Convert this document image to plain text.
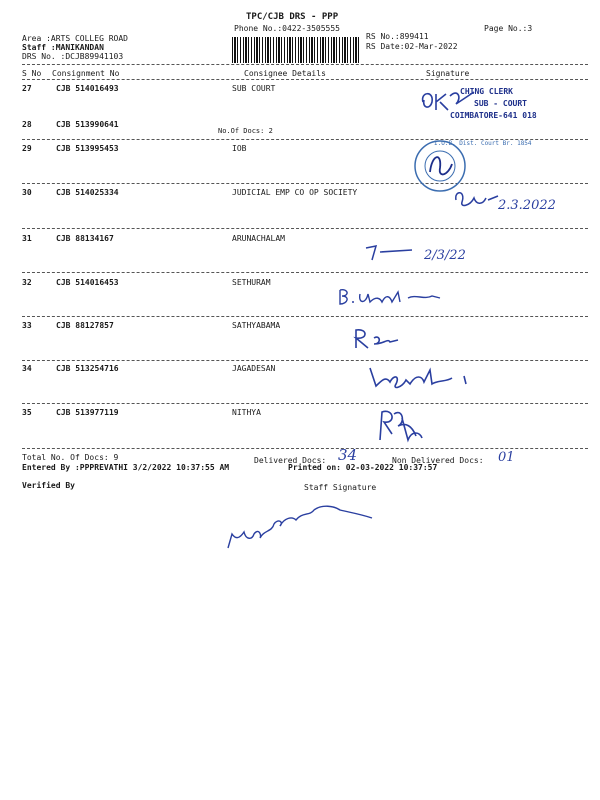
TPC/CJB DRS - PPP
Phone No.:0422-3505555	Page No.:3
Area :ARTS COLLEG ROAD
Staff :MANIKANDAN
DRS No. :DCJB89941103
RS No.:899411
RS Date:02-Mar-2022
S No Consignment No	Consignee Details	Signature
27	CJB 514016493	SUB COURT
28	CJB 513990641
No.Of Docs: 2
29	CJB 513995453	IOB
30	CJB 514025334	JUDICIAL EMP CO OP SOCIETY
31	CJB 88134167	ARUNACHALAM
32	CJB 514016453	SETHURAM
33	CJB 88127857	SATHYABAMA
34	CJB 513254716	JAGADESAN
35	CJB 513977119	NITHYA
CHING CLERK
SUB - COURT
COIMBATORE-641 018
I.O.B. Dist. Court Br. 1854
2.3.2022
2/3/22
Total No. Of Docs: 9	Delivered Docs: 34	Non Delivered Docs: 01
Entered By :PPPREVATHI 3/2/2022 10:37:55 AM	Printed on: 02-03-2022 10:37:57
Verified By	Staff Signature
